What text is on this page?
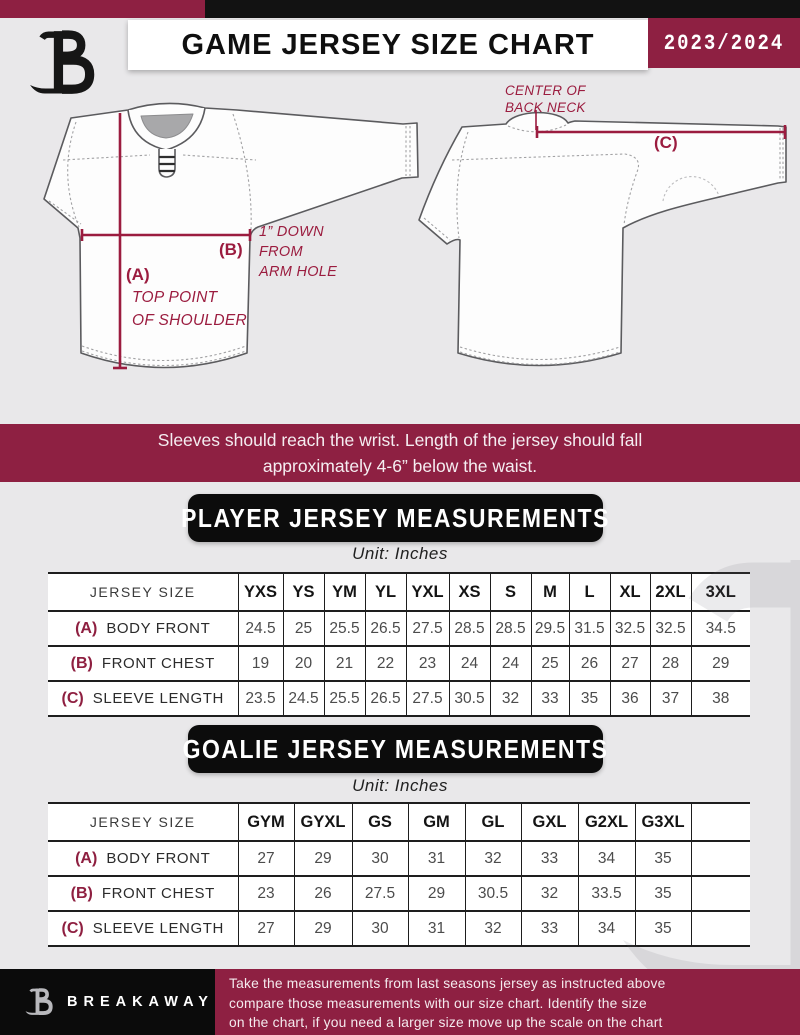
GAME JERSEY SIZE CHART	2023/2024
CENTER OF
BACK NECK
(C)
(B)
1” DOWN
FROM
ARM HOLE
(A)
TOP POINT
OF SHOULDER
Sleeves should reach the wrist. Length of the jersey should fall
approximately 4-6” below the waist.
PLAYER JERSEY MEASUREMENTS
Unit: Inches
JERSEY SIZE	YXS	YS	YM	YL	YXL	XS	S	M	L	XL	2XL	3XL
(A) BODY FRONT	24.5	25	25.5	26.5	27.5	28.5	28.5	29.5	31.5	32.5	32.5	34.5
(B) FRONT CHEST	19	20	21	22	23	24	24	25	26	27	28	29
(C) SLEEVE LENGTH	23.5	24.5	25.5	26.5	27.5	30.5	32	33	35	36	37	38
GOALIE JERSEY MEASUREMENTS
Unit: Inches
JERSEY SIZE	GYM	GYXL	GS	GM	GL	GXL	G2XL	G3XL	
(A) BODY FRONT	27	29	30	31	32	33	34	35	
(B) FRONT CHEST	23	26	27.5	29	30.5	32	33.5	35	
(C) SLEEVE LENGTH	27	29	30	31	32	33	34	35	
BREAKAWAY
Take the measurements from last seasons jersey as instructed above
compare those measurements with our size chart. Identify the size
on the chart, if you need a larger size move up the scale on the chart
